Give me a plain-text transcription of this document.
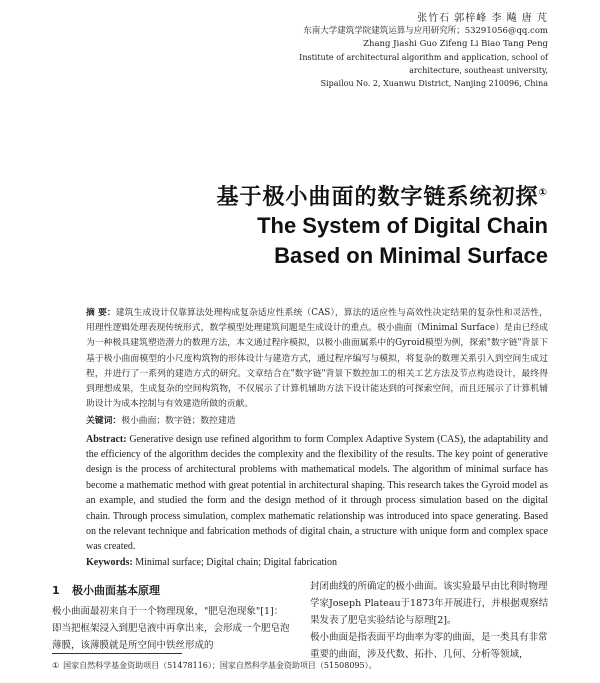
张竹石 郭梓峰 李 飚 唐 芃
东南大学建筑学院建筑运算与应用研究所；53291056@qq.com
Zhang Jiashi Guo Zifeng Li Biao Tang Peng
Institute of architectural algorithm and application, school of architecture, southeast university,
Sipailou No. 2, Xuanwu District, Nanjing 210096, China
基于极小曲面的数字链系统初探①
The System of Digital Chain
Based on Minimal Surface

摘 要：建筑生成设计仅靠算法处理构成复杂适应性系统（CAS），算法的适应性与高效性决定结果的复杂性和灵活性，用理性逻辑处理表现传统形式，数学模型处理建筑问题是生成设计的重点。极小曲面（Minimal Surface）是由已经成为一种极具建筑塑造潜力的数理方法，本文通过程序模拟，以极小曲面属系中的Gyroid模型为例，探索"数字链"背景下基于极小曲面模型的小尺度构筑物的形体设计与建造方式，通过程序编写与模拟，将复杂的数理关系引入到空间生成过程，并进行了一系列的建造方式的研究。文章结合在"数字链"背景下数控加工的相关工艺方法及节点构造设计，最终得到理想成果，生成复杂的空间构筑物，不仅展示了计算机辅助方法下设计能达到的可探索空间，而且还展示了计算机辅助设计为成本控制与有效建造所做的贡献。

关键词：极小曲面；数字链；数控建造

Abstract: Generative design use refined algorithm to form Complex Adaptive System (CAS), the adaptability and the efficiency of the algorithm decides the complexity and the flexibility of the results. The key point of generative design is the process of architectural problems with mathematical models. The algorithm of minimal surface has become a mathematic method with great potential in architectural shaping. This research takes the Gyroid model as an example, and studied the form and the design method of it through process simulation based on the digital chain. Through process simulation, complex mathematic relationship was introduced into space generating. Based on the relevant technique and fabrication methods of digital chain, a structure with unique form and complex space was created.

Keywords: Minimal surface; Digital chain; Digital fabrication

1 极小曲面基本原理

极小曲面最初来自于一个物理现象，"肥皂泡现象"[1]：即当把框架浸入到肥皂液中再拿出来，会形成一个肥皂泡薄膜，该薄膜就是所空间中铁丝形成的

封闭曲线的所确定的极小曲面。该实验最早由比利时物理学家Joseph Plateau于1873年开展进行，并根据观察结果发表了肥皂实验结论与原理[2]。

极小曲面是指表面平均曲率为零的曲面，是一类具有非常重要的曲面，涉及代数、拓扑、几何、分析等领域，

① 国家自然科学基金资助项目（51478116）；国家自然科学基金资助项目（51508095）。
